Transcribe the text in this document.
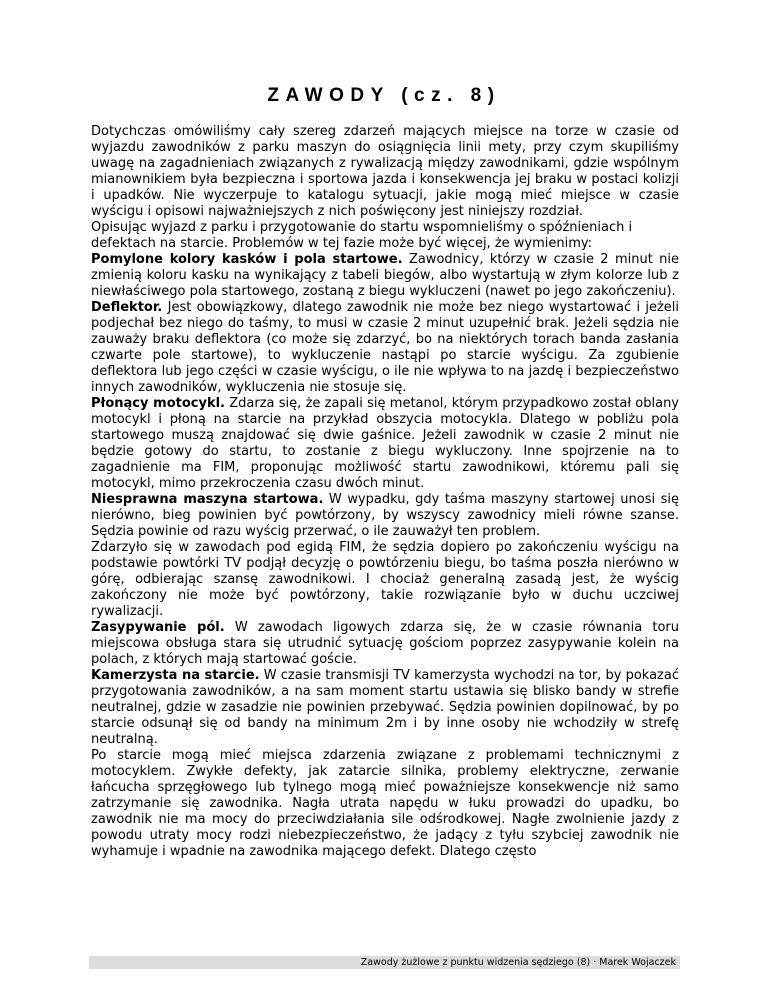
ZAWODY (cz. 8)

Dotychczas omówiliśmy cały szereg zdarzeń mających miejsce na torze w czasie od wyjazdu zawodników z parku maszyn do osiągnięcia linii mety, przy czym skupiliśmy uwagę na zagadnieniach związanych z rywalizacją między zawodnikami, gdzie wspólnym mianownikiem była bezpieczna i sportowa jazda i konsekwencja jej braku w postaci kolizji i upadków. Nie wyczerpuje to katalogu sytuacji, jakie mogą mieć miejsce w czasie wyścigu i opisowi najważniejszych z nich poświęcony jest niniejszy rozdział.

Opisując wyjazd z parku i przygotowanie do startu wspomnieliśmy o spóźnieniach i defektach na starcie. Problemów w tej fazie może być więcej, że wymienimy:

Pomylone kolory kasków i pola startowe. Zawodnicy, którzy w czasie 2 minut nie zmienią koloru kasku na wynikający z tabeli biegów, albo wystartują w złym kolorze lub z niewłaściwego pola startowego, zostaną z biegu wykluczeni (nawet po jego zakończeniu).

Deflektor. Jest obowiązkowy, dlatego zawodnik nie może bez niego wystartować i jeżeli podjechał bez niego do taśmy, to musi w czasie 2 minut uzupełnić brak. Jeżeli sędzia nie zauważy braku deflektora (co może się zdarzyć, bo na niektórych torach banda zasłania czwarte pole startowe), to wykluczenie nastąpi po starcie wyścigu. Za zgubienie deflektora lub jego części w czasie wyścigu, o ile nie wpływa to na jazdę i bezpieczeństwo innych zawodników, wykluczenia nie stosuje się.

Płonący motocykl. Zdarza się, że zapali się metanol, którym przypadkowo został oblany motocykl i płoną na starcie na przykład obszycia motocykla. Dlatego w pobliżu pola startowego muszą znajdować się dwie gaśnice. Jeżeli zawodnik w czasie 2 minut nie będzie gotowy do startu, to zostanie z biegu wykluczony. Inne spojrzenie na to zagadnienie ma FIM, proponując możliwość startu zawodnikowi, któremu pali się motocykl, mimo przekroczenia czasu dwóch minut.

Niesprawna maszyna startowa. W wypadku, gdy taśma maszyny startowej unosi się nierówno, bieg powinien być powtórzony, by wszyscy zawodnicy mieli równe szanse. Sędzia powinie od razu wyścig przerwać, o ile zauważył ten problem.

Zdarzyło się w zawodach pod egidą FIM, że sędzia dopiero po zakończeniu wyścigu na podstawie powtórki TV podjął decyzję o powtórzeniu biegu, bo taśma poszła nierówno w górę, odbierając szansę zawodnikowi. I chociaż generalną zasadą jest, że wyścig zakończony nie może być powtórzony, takie rozwiązanie było w duchu uczciwej rywalizacji.

Zasypywanie pól. W zawodach ligowych zdarza się, że w czasie równania toru miejscowa obsługa stara się utrudnić sytuację gościom poprzez zasypywanie kolein na polach, z których mają startować goście.

Kamerzysta na starcie. W czasie transmisji TV kamerzysta wychodzi na tor, by pokazać przygotowania zawodników, a na sam moment startu ustawia się blisko bandy w strefie neutralnej, gdzie w zasadzie nie powinien przebywać. Sędzia powinien dopilnować, by po starcie odsunął się od bandy na minimum 2m i by inne osoby nie wchodziły w strefę neutralną.

Po starcie mogą mieć miejsca zdarzenia związane z problemami technicznymi z motocyklem. Zwykłe defekty, jak zatarcie silnika, problemy elektryczne, zerwanie łańcucha sprzęgłowego lub tylnego mogą mieć poważniejsze konsekwencje niż samo zatrzymanie się zawodnika. Nagła utrata napędu w łuku prowadzi do upadku, bo zawodnik nie ma mocy do przeciwdziałania sile odśrodkowej. Nagłe zwolnienie jazdy z powodu utraty mocy rodzi niebezpieczeństwo, że jadący z tyłu szybciej zawodnik nie wyhamuje i wpadnie na zawodnika mającego defekt. Dlatego często

Zawody żużlowe z punktu widzenia sędziego (8) · Marek Wojaczek
